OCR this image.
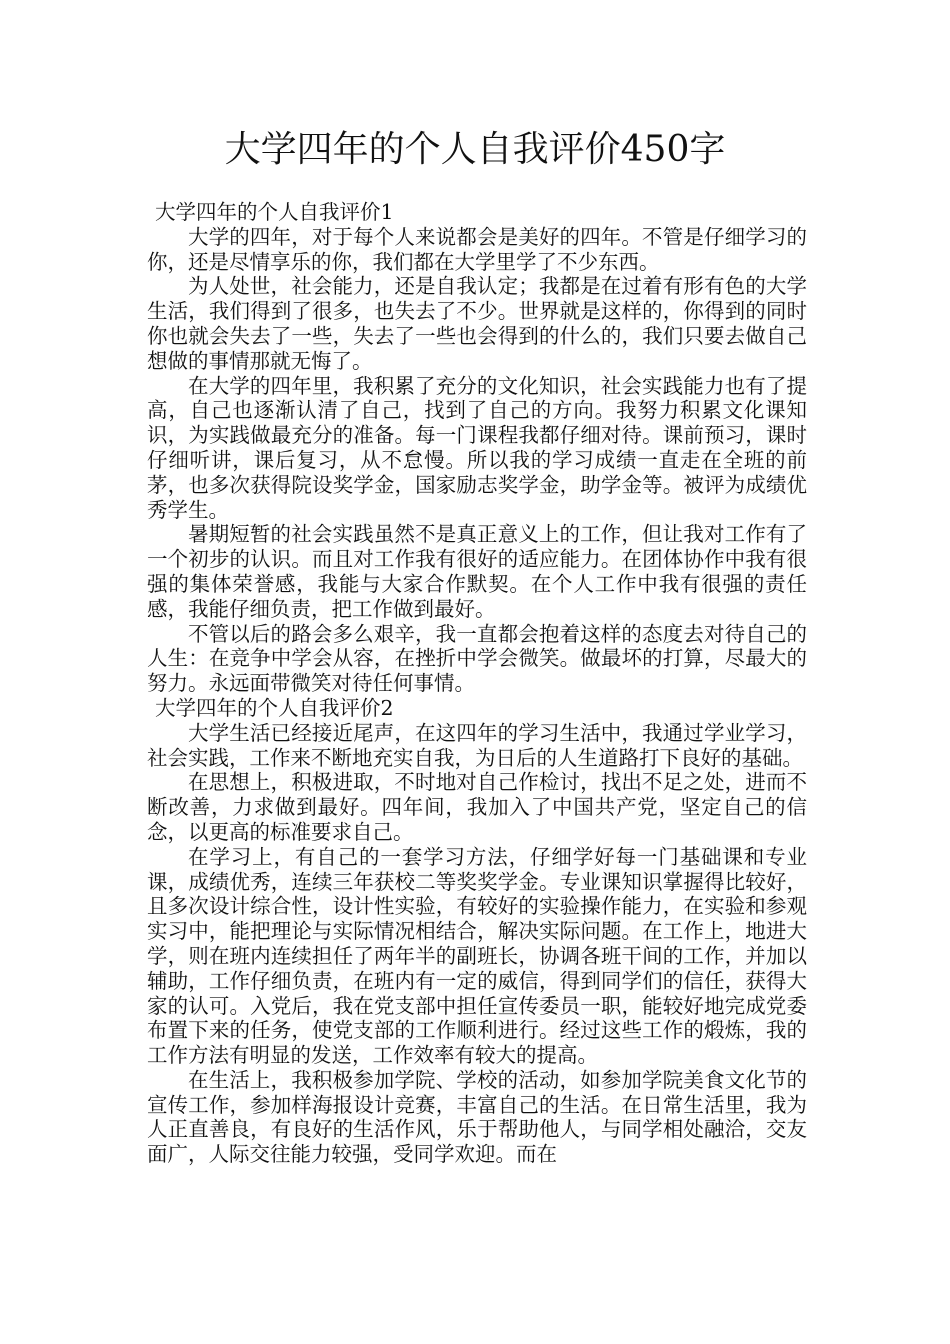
大学四年的个人自我评价450字
大学四年的个人自我评价1

大学的四年，对于每个人来说都会是美好的四年。不管是仔细学习的你，还是尽情享乐的你，我们都在大学里学了不少东西。

为人处世，社会能力，还是自我认定；我都是在过着有形有色的大学生活，我们得到了很多，也失去了不少。世界就是这样的，你得到的同时你也就会失去了一些，失去了一些也会得到的什么的，我们只要去做自己想做的事情那就无悔了。

在大学的四年里，我积累了充分的文化知识，社会实践能力也有了提高，自己也逐渐认清了自己，找到了自己的方向。我努力积累文化课知识，为实践做最充分的准备。每一门课程我都仔细对待。课前预习，课时仔细听讲，课后复习，从不怠慢。所以我的学习成绩一直走在全班的前茅，也多次获得院设奖学金，国家励志奖学金，助学金等。被评为成绩优秀学生。

暑期短暂的社会实践虽然不是真正意义上的工作，但让我对工作有了一个初步的认识。而且对工作我有很好的适应能力。在团体协作中我有很强的集体荣誉感，我能与大家合作默契。在个人工作中我有很强的责任感，我能仔细负责，把工作做到最好。

不管以后的路会多么艰辛，我一直都会抱着这样的态度去对待自己的人生：在竞争中学会从容，在挫折中学会微笑。做最坏的打算，尽最大的努力。永远面带微笑对待任何事情。

大学四年的个人自我评价2

大学生活已经接近尾声，在这四年的学习生活中，我通过学业学习，社会实践，工作来不断地充实自我，为日后的人生道路打下良好的基础。

在思想上，积极进取，不时地对自己作检讨，找出不足之处，进而不断改善，力求做到最好。四年间，我加入了中国共产党，坚定自己的信念，以更高的标准要求自己。

在学习上，有自己的一套学习方法，仔细学好每一门基础课和专业课，成绩优秀，连续三年获校二等奖奖学金。专业课知识掌握得比较好，且多次设计综合性，设计性实验，有较好的实验操作能力，在实验和参观实习中，能把理论与实际情况相结合，解决实际问题。在工作上，地进大学，则在班内连续担任了两年半的副班长，协调各班干间的工作，并加以辅助，工作仔细负责，在班内有一定的威信，得到同学们的信任，获得大家的认可。入党后，我在党支部中担任宣传委员一职，能较好地完成党委布置下来的任务，使党支部的工作顺利进行。经过这些工作的煅炼，我的工作方法有明显的发送，工作效率有较大的提高。

在生活上，我积极参加学院、学校的活动，如参加学院美食文化节的宣传工作，参加样海报设计竞赛，丰富自己的生活。在日常生活里，我为人正直善良，有良好的生活作风，乐于帮助他人，与同学相处融洽，交友面广，人际交往能力较强，受同学欢迎。而在
